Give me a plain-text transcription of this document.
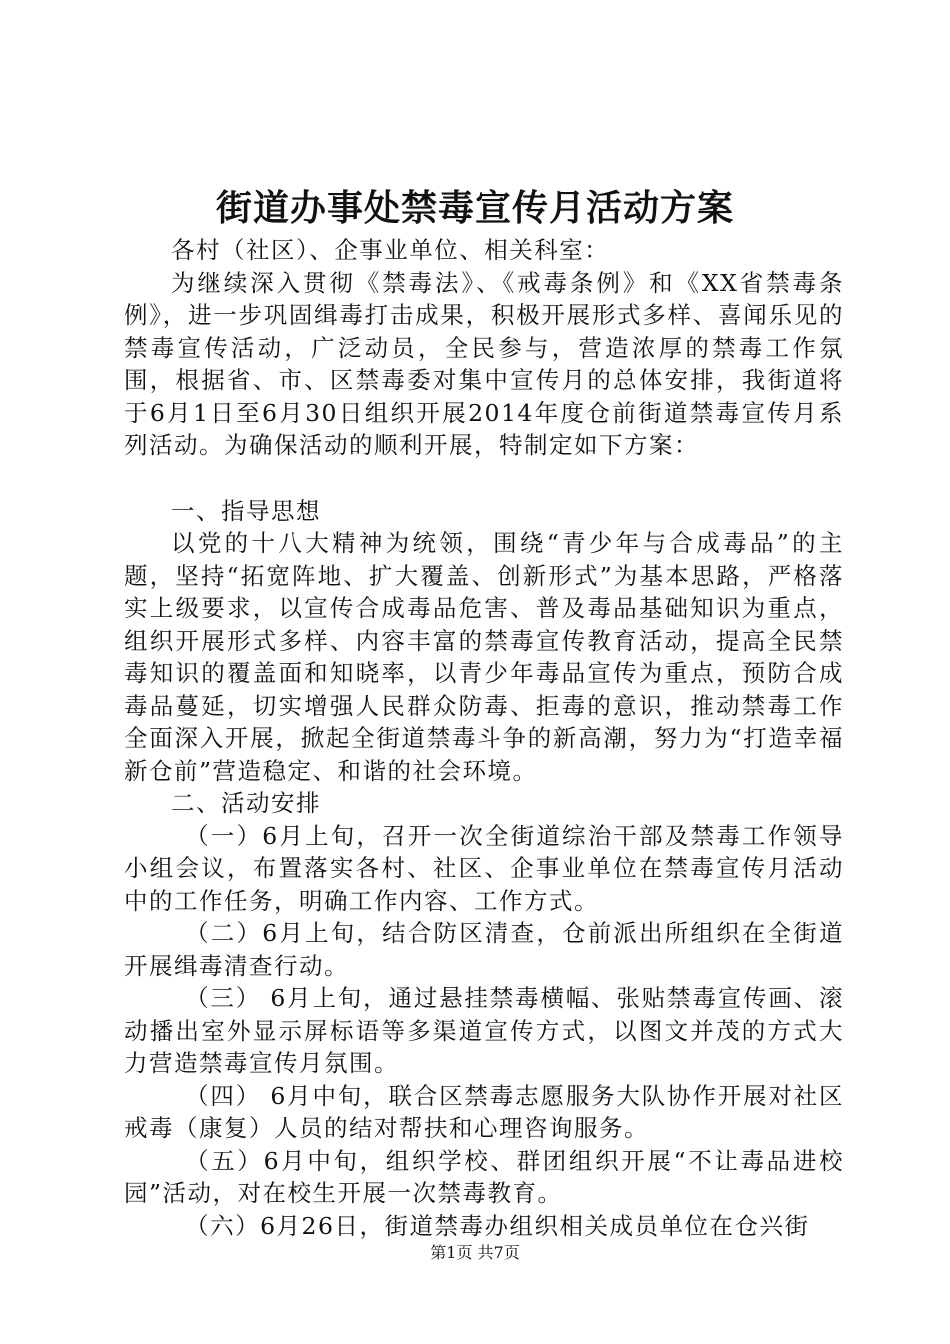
街道办事处禁毒宣传月活动方案

各村（社区）、企事业单位、相关科室：

为继续深入贯彻《禁毒法》、《戒毒条例》和《XX省禁毒条例》，进一步巩固缉毒打击成果，积极开展形式多样、喜闻乐见的禁毒宣传活动，广泛动员，全民参与，营造浓厚的禁毒工作氛围，根据省、市、区禁毒委对集中宣传月的总体安排，我街道将于6月1日至6月30日组织开展2014年度仓前街道禁毒宣传月系列活动。为确保活动的顺利开展，特制定如下方案：

一、指导思想

以党的十八大精神为统领，围绕“青少年与合成毒品”的主题，坚持“拓宽阵地、扩大覆盖、创新形式”为基本思路，严格落实上级要求，以宣传合成毒品危害、普及毒品基础知识为重点，组织开展形式多样、内容丰富的禁毒宣传教育活动，提高全民禁毒知识的覆盖面和知晓率，以青少年毒品宣传为重点，预防合成毒品蔓延，切实增强人民群众防毒、拒毒的意识，推动禁毒工作全面深入开展，掀起全街道禁毒斗争的新高潮，努力为“打造幸福新仓前”营造稳定、和谐的社会环境。

二、活动安排

（一）6月上旬，召开一次全街道综治干部及禁毒工作领导小组会议，布置落实各村、社区、企事业单位在禁毒宣传月活动中的工作任务，明确工作内容、工作方式。

（二）6月上旬，结合防区清查，仓前派出所组织在全街道开展缉毒清查行动。

（三） 6月上旬，通过悬挂禁毒横幅、张贴禁毒宣传画、滚动播出室外显示屏标语等多渠道宣传方式，以图文并茂的方式大力营造禁毒宣传月氛围。

（四） 6月中旬，联合区禁毒志愿服务大队协作开展对社区戒毒（康复）人员的结对帮扶和心理咨询服务。

（五）6月中旬，组织学校、群团组织开展“不让毒品进校园”活动，对在校生开展一次禁毒教育。

（六）6月26日，街道禁毒办组织相关成员单位在仓兴街

第1页 共7页
